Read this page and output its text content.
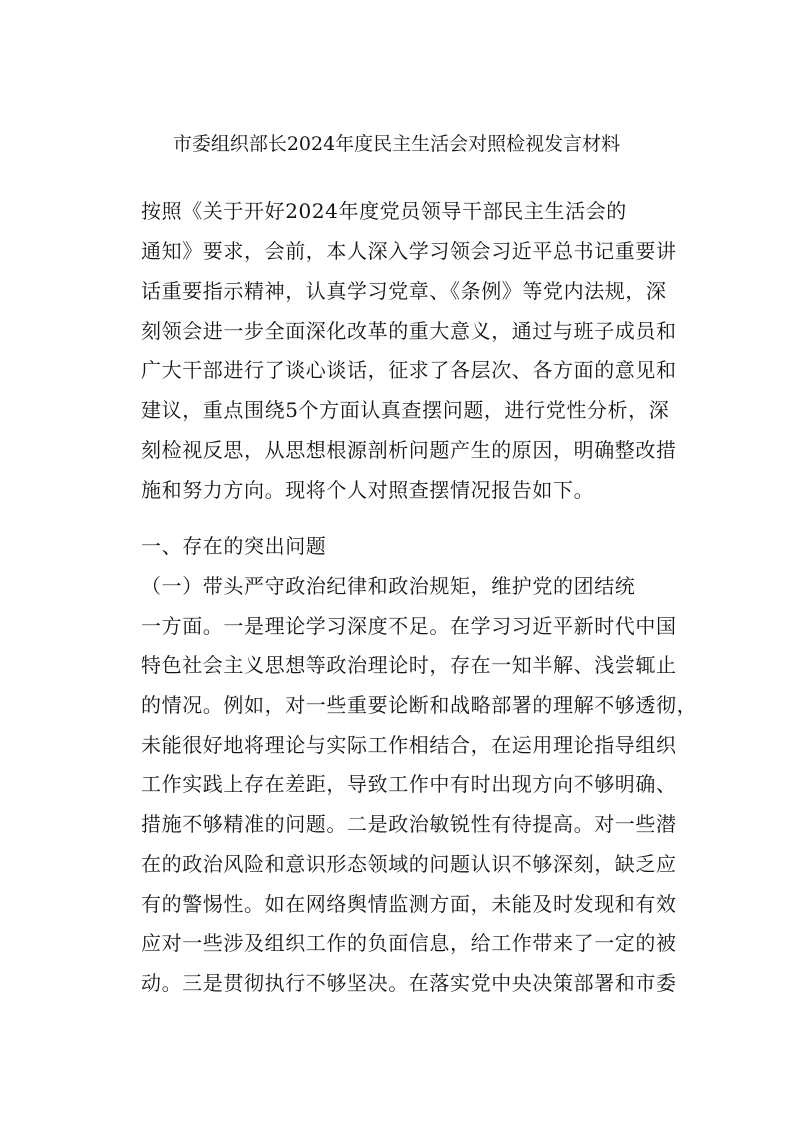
市委组织部长2024年度民主生活会对照检视发言材料
按照《关于开好2024年度党员领导干部民主生活会的
通知》要求，会前，本人深入学习领会习近平总书记重要讲
话重要指示精神，认真学习党章、《条例》等党内法规，深
刻领会进一步全面深化改革的重大意义，通过与班子成员和
广大干部进行了谈心谈话，征求了各层次、各方面的意见和
建议，重点围绕5个方面认真查摆问题，进行党性分析，深
刻检视反思，从思想根源剖析问题产生的原因，明确整改措
施和努力方向。现将个人对照查摆情况报告如下。
一、存在的突出问题
（一）带头严守政治纪律和政治规矩，维护党的团结统
一方面。一是理论学习深度不足。在学习习近平新时代中国
特色社会主义思想等政治理论时，存在一知半解、浅尝辄止
的情况。例如，对一些重要论断和战略部署的理解不够透彻，
未能很好地将理论与实际工作相结合，在运用理论指导组织
工作实践上存在差距，导致工作中有时出现方向不够明确、
措施不够精准的问题。二是政治敏锐性有待提高。对一些潜
在的政治风险和意识形态领域的问题认识不够深刻，缺乏应
有的警惕性。如在网络舆情监测方面，未能及时发现和有效
应对一些涉及组织工作的负面信息，给工作带来了一定的被
动。三是贯彻执行不够坚决。在落实党中央决策部署和市委
